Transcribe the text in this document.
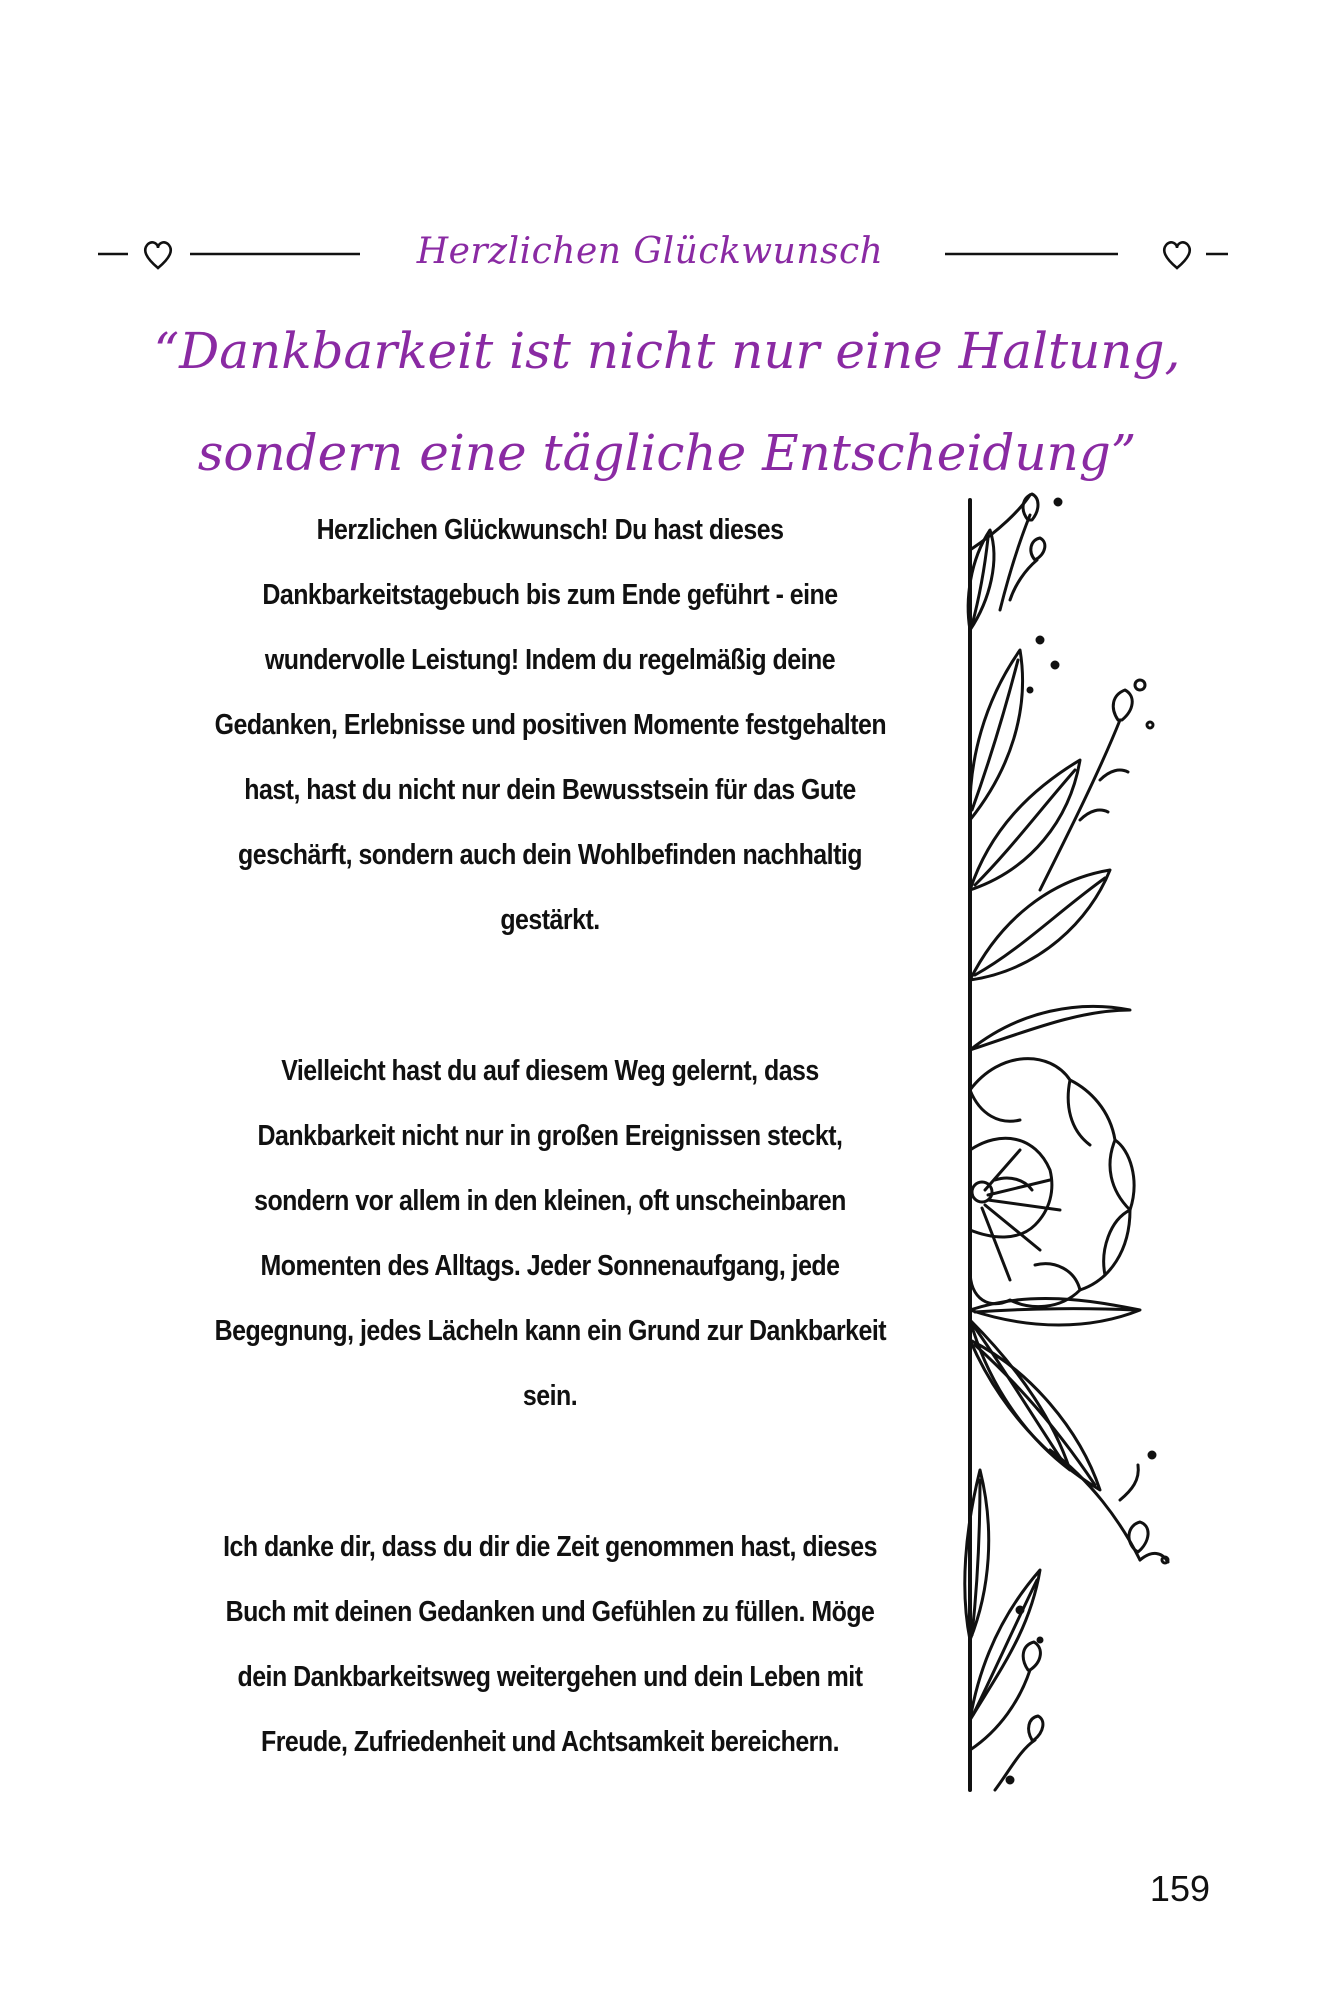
Herzlichen Glückwunsch
“Dankbarkeit ist nicht nur eine Haltung,
sondern eine tägliche Entscheidung”

Herzlichen Glückwunsch! Du hast dieses

Dankbarkeitstagebuch bis zum Ende geführt - eine

wundervolle Leistung! Indem du regelmäßig deine

Gedanken, Erlebnisse und positiven Momente festgehalten

hast, hast du nicht nur dein Bewusstsein für das Gute

geschärft, sondern auch dein Wohlbefinden nachhaltig

gestärkt.

Vielleicht hast du auf diesem Weg gelernt, dass

Dankbarkeit nicht nur in großen Ereignissen steckt,

sondern vor allem in den kleinen, oft unscheinbaren

Momenten des Alltags. Jeder Sonnenaufgang, jede

Begegnung, jedes Lächeln kann ein Grund zur Dankbarkeit

sein.

Ich danke dir, dass du dir die Zeit genommen hast, dieses

Buch mit deinen Gedanken und Gefühlen zu füllen. Möge

dein Dankbarkeitsweg weitergehen und dein Leben mit

Freude, Zufriedenheit und Achtsamkeit bereichern.

159
